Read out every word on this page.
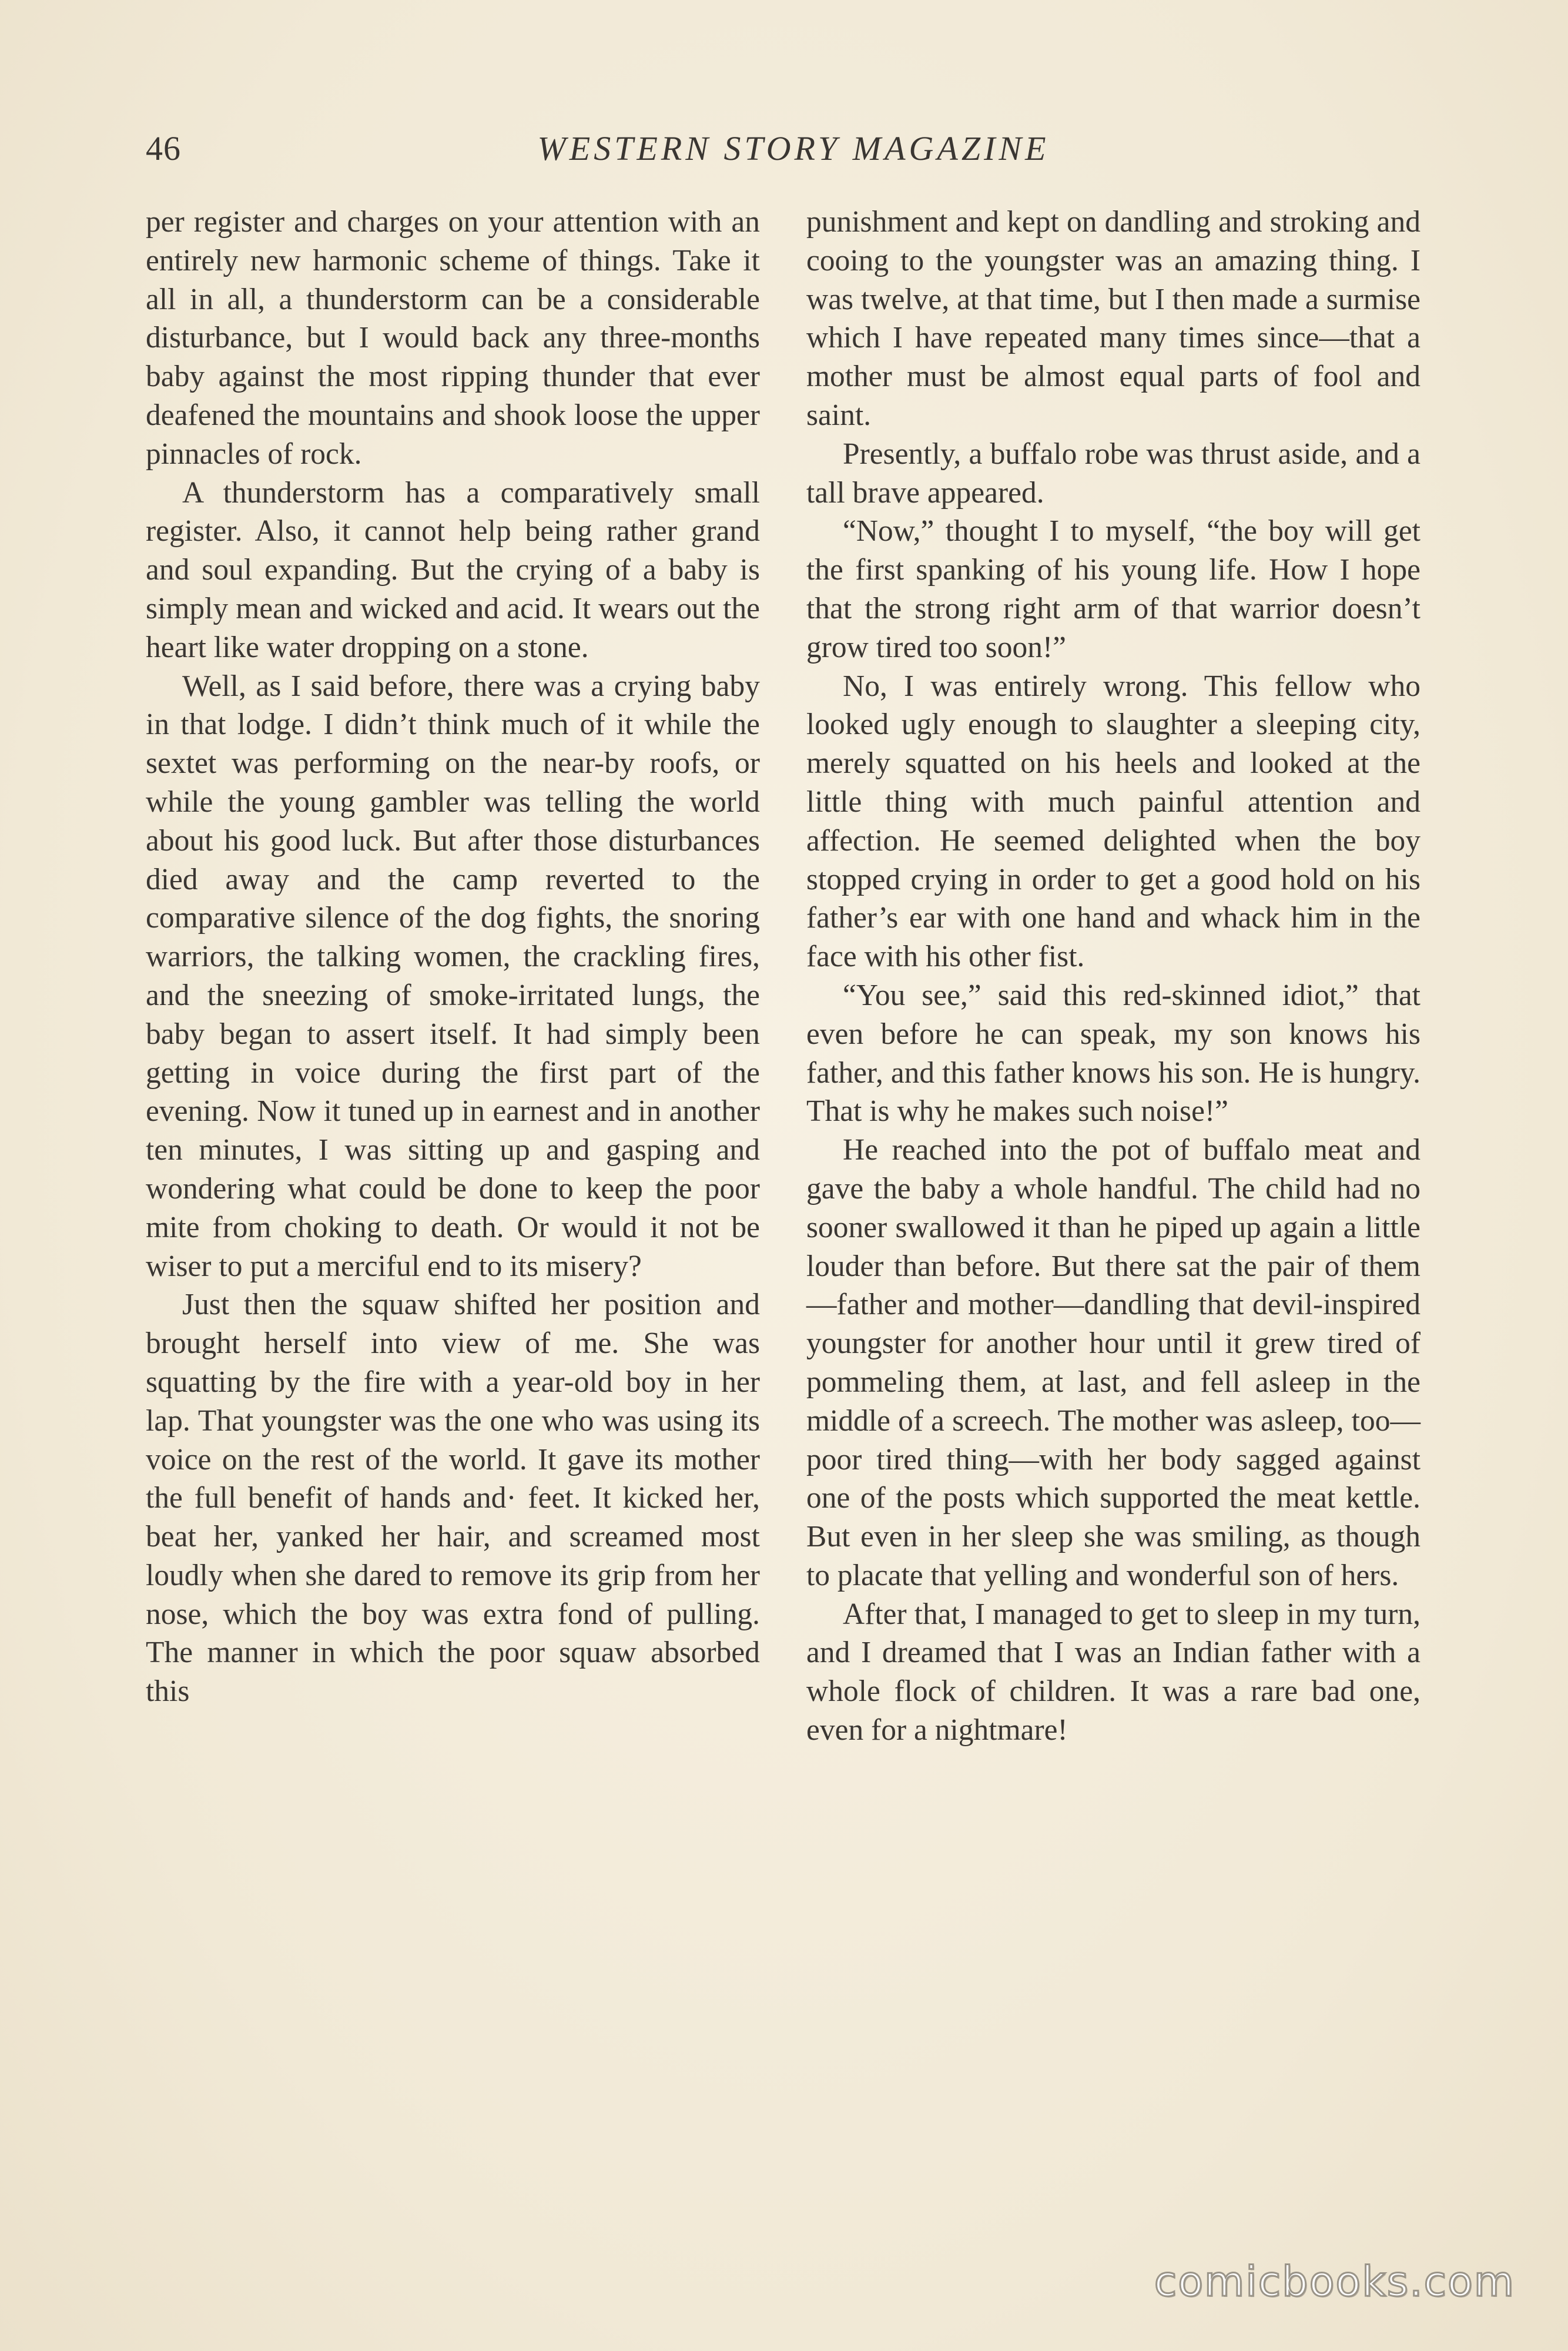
46	WESTERN STORY MAGAZINE

per register and charges on your attention with an entirely new harmonic scheme of things. Take it all in all, a thunderstorm can be a considerable disturbance, but I would back any three-months baby against the most ripping thunder that ever deafened the mountains and shook loose the upper pinnacles of rock.

A thunderstorm has a comparatively small register. Also, it cannot help being rather grand and soul expanding. But the crying of a baby is simply mean and wicked and acid. It wears out the heart like water dropping on a stone.

Well, as I said before, there was a crying baby in that lodge. I didn’t think much of it while the sextet was performing on the near-by roofs, or while the young gambler was telling the world about his good luck. But after those disturbances died away and the camp reverted to the comparative silence of the dog fights, the snoring warriors, the talking women, the crackling fires, and the sneezing of smoke-irritated lungs, the baby began to assert itself. It had simply been getting in voice during the first part of the evening. Now it tuned up in earnest and in another ten minutes, I was sitting up and gasping and wondering what could be done to keep the poor mite from choking to death. Or would it not be wiser to put a merciful end to its misery?

Just then the squaw shifted her position and brought herself into view of me. She was squatting by the fire with a year-old boy in her lap. That youngster was the one who was using its voice on the rest of the world. It gave its mother the full benefit of hands and· feet. It kicked her, beat her, yanked her hair, and screamed most loudly when she dared to remove its grip from her nose, which the boy was extra fond of pulling. The manner in which the poor squaw absorbed this

punishment and kept on dandling and stroking and cooing to the youngster was an amazing thing. I was twelve, at that time, but I then made a surmise which I have repeated many times since—that a mother must be almost equal parts of fool and saint.

Presently, a buffalo robe was thrust aside, and a tall brave appeared.

“Now,” thought I to myself, “the boy will get the first spanking of his young life. How I hope that the strong right arm of that warrior doesn’t grow tired too soon!”

No, I was entirely wrong. This fellow who looked ugly enough to slaughter a sleeping city, merely squatted on his heels and looked at the little thing with much painful attention and affection. He seemed delighted when the boy stopped crying in order to get a good hold on his father’s ear with one hand and whack him in the face with his other fist.

“You see,” said this red-skinned idiot,” that even before he can speak, my son knows his father, and this father knows his son. He is hungry. That is why he makes such noise!”

He reached into the pot of buffalo meat and gave the baby a whole handful. The child had no sooner swallowed it than he piped up again a little louder than before. But there sat the pair of them—father and mother—dandling that devil-inspired youngster for another hour until it grew tired of pommeling them, at last, and fell asleep in the middle of a screech. The mother was asleep, too—poor tired thing—with her body sagged against one of the posts which supported the meat kettle. But even in her sleep she was smiling, as though to placate that yelling and wonderful son of hers.

After that, I managed to get to sleep in my turn, and I dreamed that I was an Indian father with a whole flock of children. It was a rare bad one, even for a nightmare!

comicbooks.com
